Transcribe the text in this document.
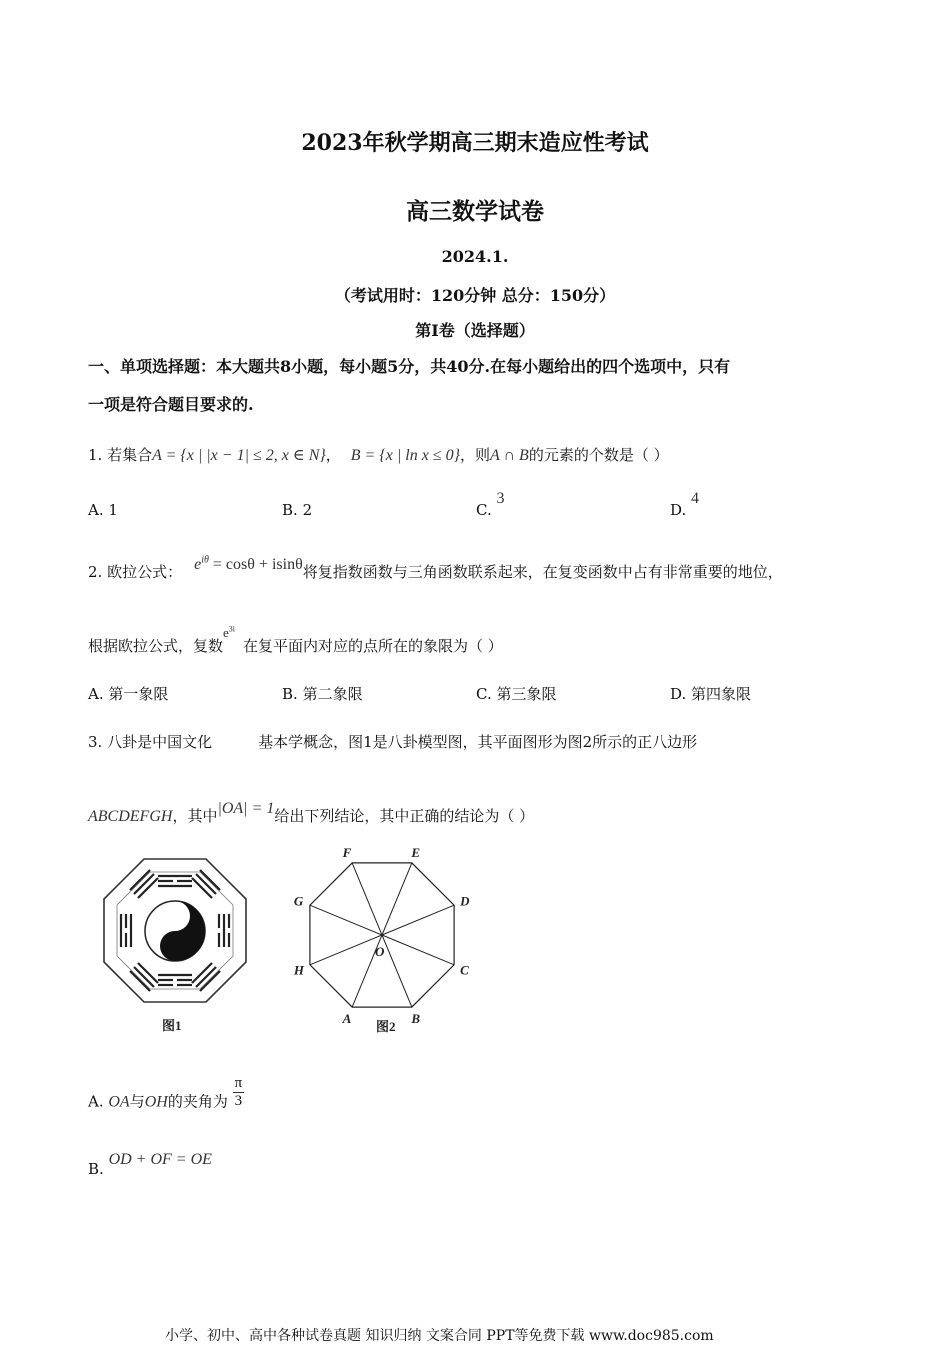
2023年秋学期高三期末造应性考试
高三数学试卷
2024.1.
（考试用时：120分钟 总分：150分）
第Ⅰ卷（选择题）
一、单项选择题：本大题共8小题，每小题5分，共40分.在每小题给出的四个选项中，只有
一项是符合题目要求的.
1. 若集合A = {x | |x − 1| ≤ 2, x ∈ N}， B = {x | ln x ≤ 0}，则A ∩ B的元素的个数是（ ）
A. 1	B. 2	C. 3
D. 4
2. 欧拉公式： $e^{i\theta} = \cos\theta + isin\theta$将复指数函数与三角函数联系起来，在复变函数中占有非常重要的地位，
根据欧拉公式，复数$e^{3i}$在复平面内对应的点所在的象限为（ ）
A. 第一象限	B. 第二象限	C. 第三象限	D. 第四象限
3. 八卦是中国文化	基本学概念，图1是八卦模型图，其平面图形为图2所示的正八边形
ABCDEFGH，其中|OA| = 1给出下列结论，其中正确的结论为（ ）
图1	A	B
C
D
E
F
G
H
O
图2
A. OA与OH的夹角为 $\frac{\pi}{3}$
B. OD + OF = OE
小学、初中、高中各种试卷真题 知识归纳 文案合同 PPT等免费下载 www.doc985.com
